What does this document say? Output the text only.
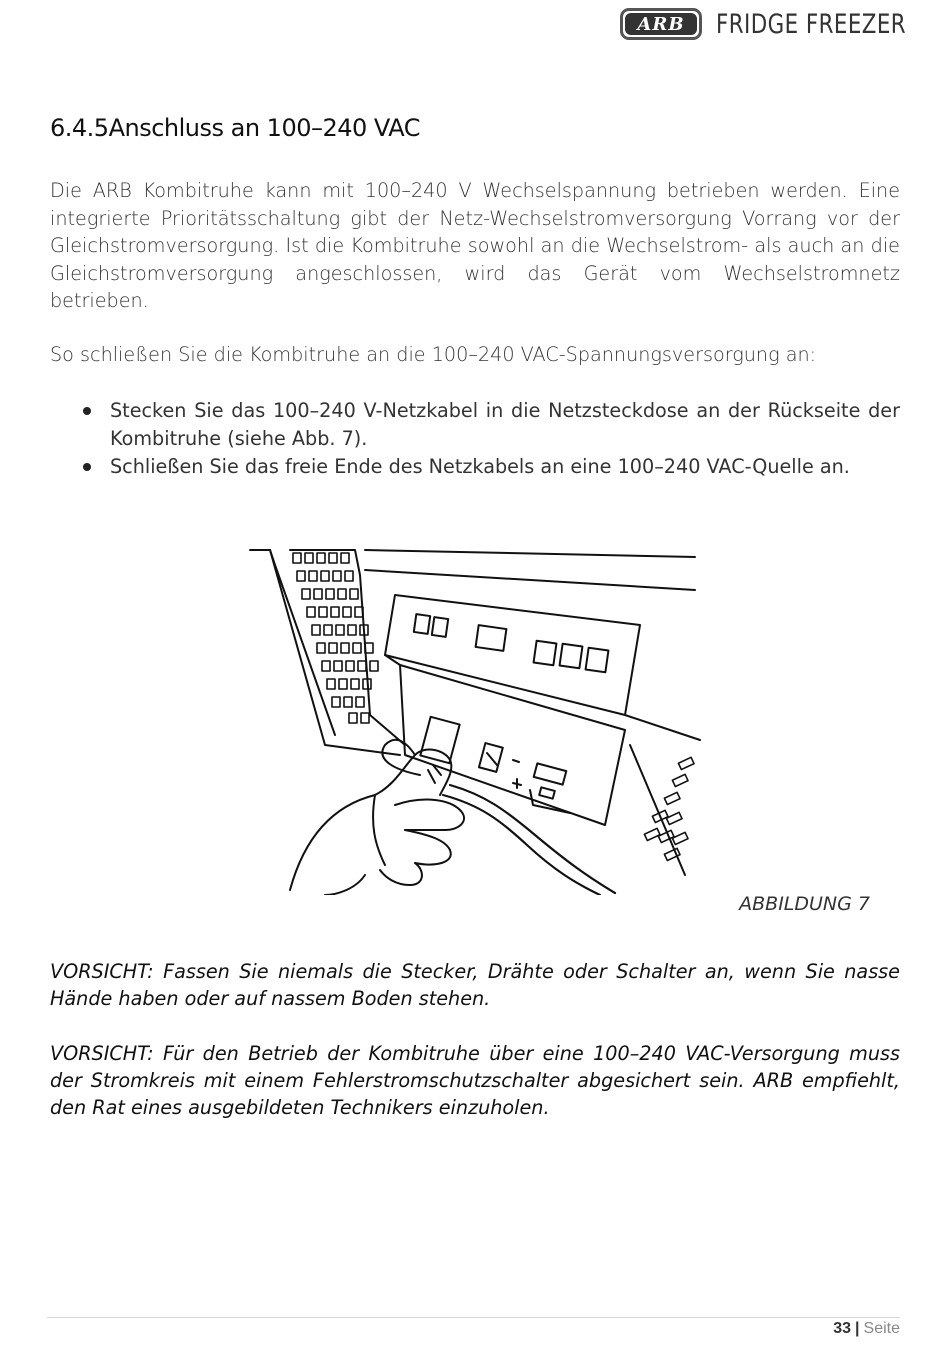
ARB	FRIDGE FREEZER
6.4.5Anschluss an 100–240 VAC

Die ARB Kombitruhe kann mit 100–240 V Wechselspannung betrieben werden. Eine integrierte Prioritätsschaltung gibt der Netz-Wechselstromversorgung Vorrang vor der Gleichstromversorgung. Ist die Kombitruhe sowohl an die Wechselstrom- als auch an die Gleichstromversorgung angeschlossen, wird das Gerät vom Wechselstromnetz betrieben.

So schließen Sie die Kombitruhe an die 100–240 VAC-Spannungsversorgung an:

Stecken Sie das 100–240 V-Netzkabel in die Netzsteckdose an der Rückseite der Kombitruhe (siehe Abb. 7).
Schließen Sie das freie Ende des Netzkabels an eine 100–240 VAC-Quelle an.
ABBILDUNG 7

VORSICHT: Fassen Sie niemals die Stecker, Drähte oder Schalter an, wenn Sie nasse Hände haben oder auf nassem Boden stehen.

VORSICHT: Für den Betrieb der Kombitruhe über eine 100–240 VAC-Versorgung muss der Stromkreis mit einem Fehlerstromschutzschalter abgesichert sein. ARB empfiehlt, den Rat eines ausgebildeten Technikers einzuholen.

33 | Seite
